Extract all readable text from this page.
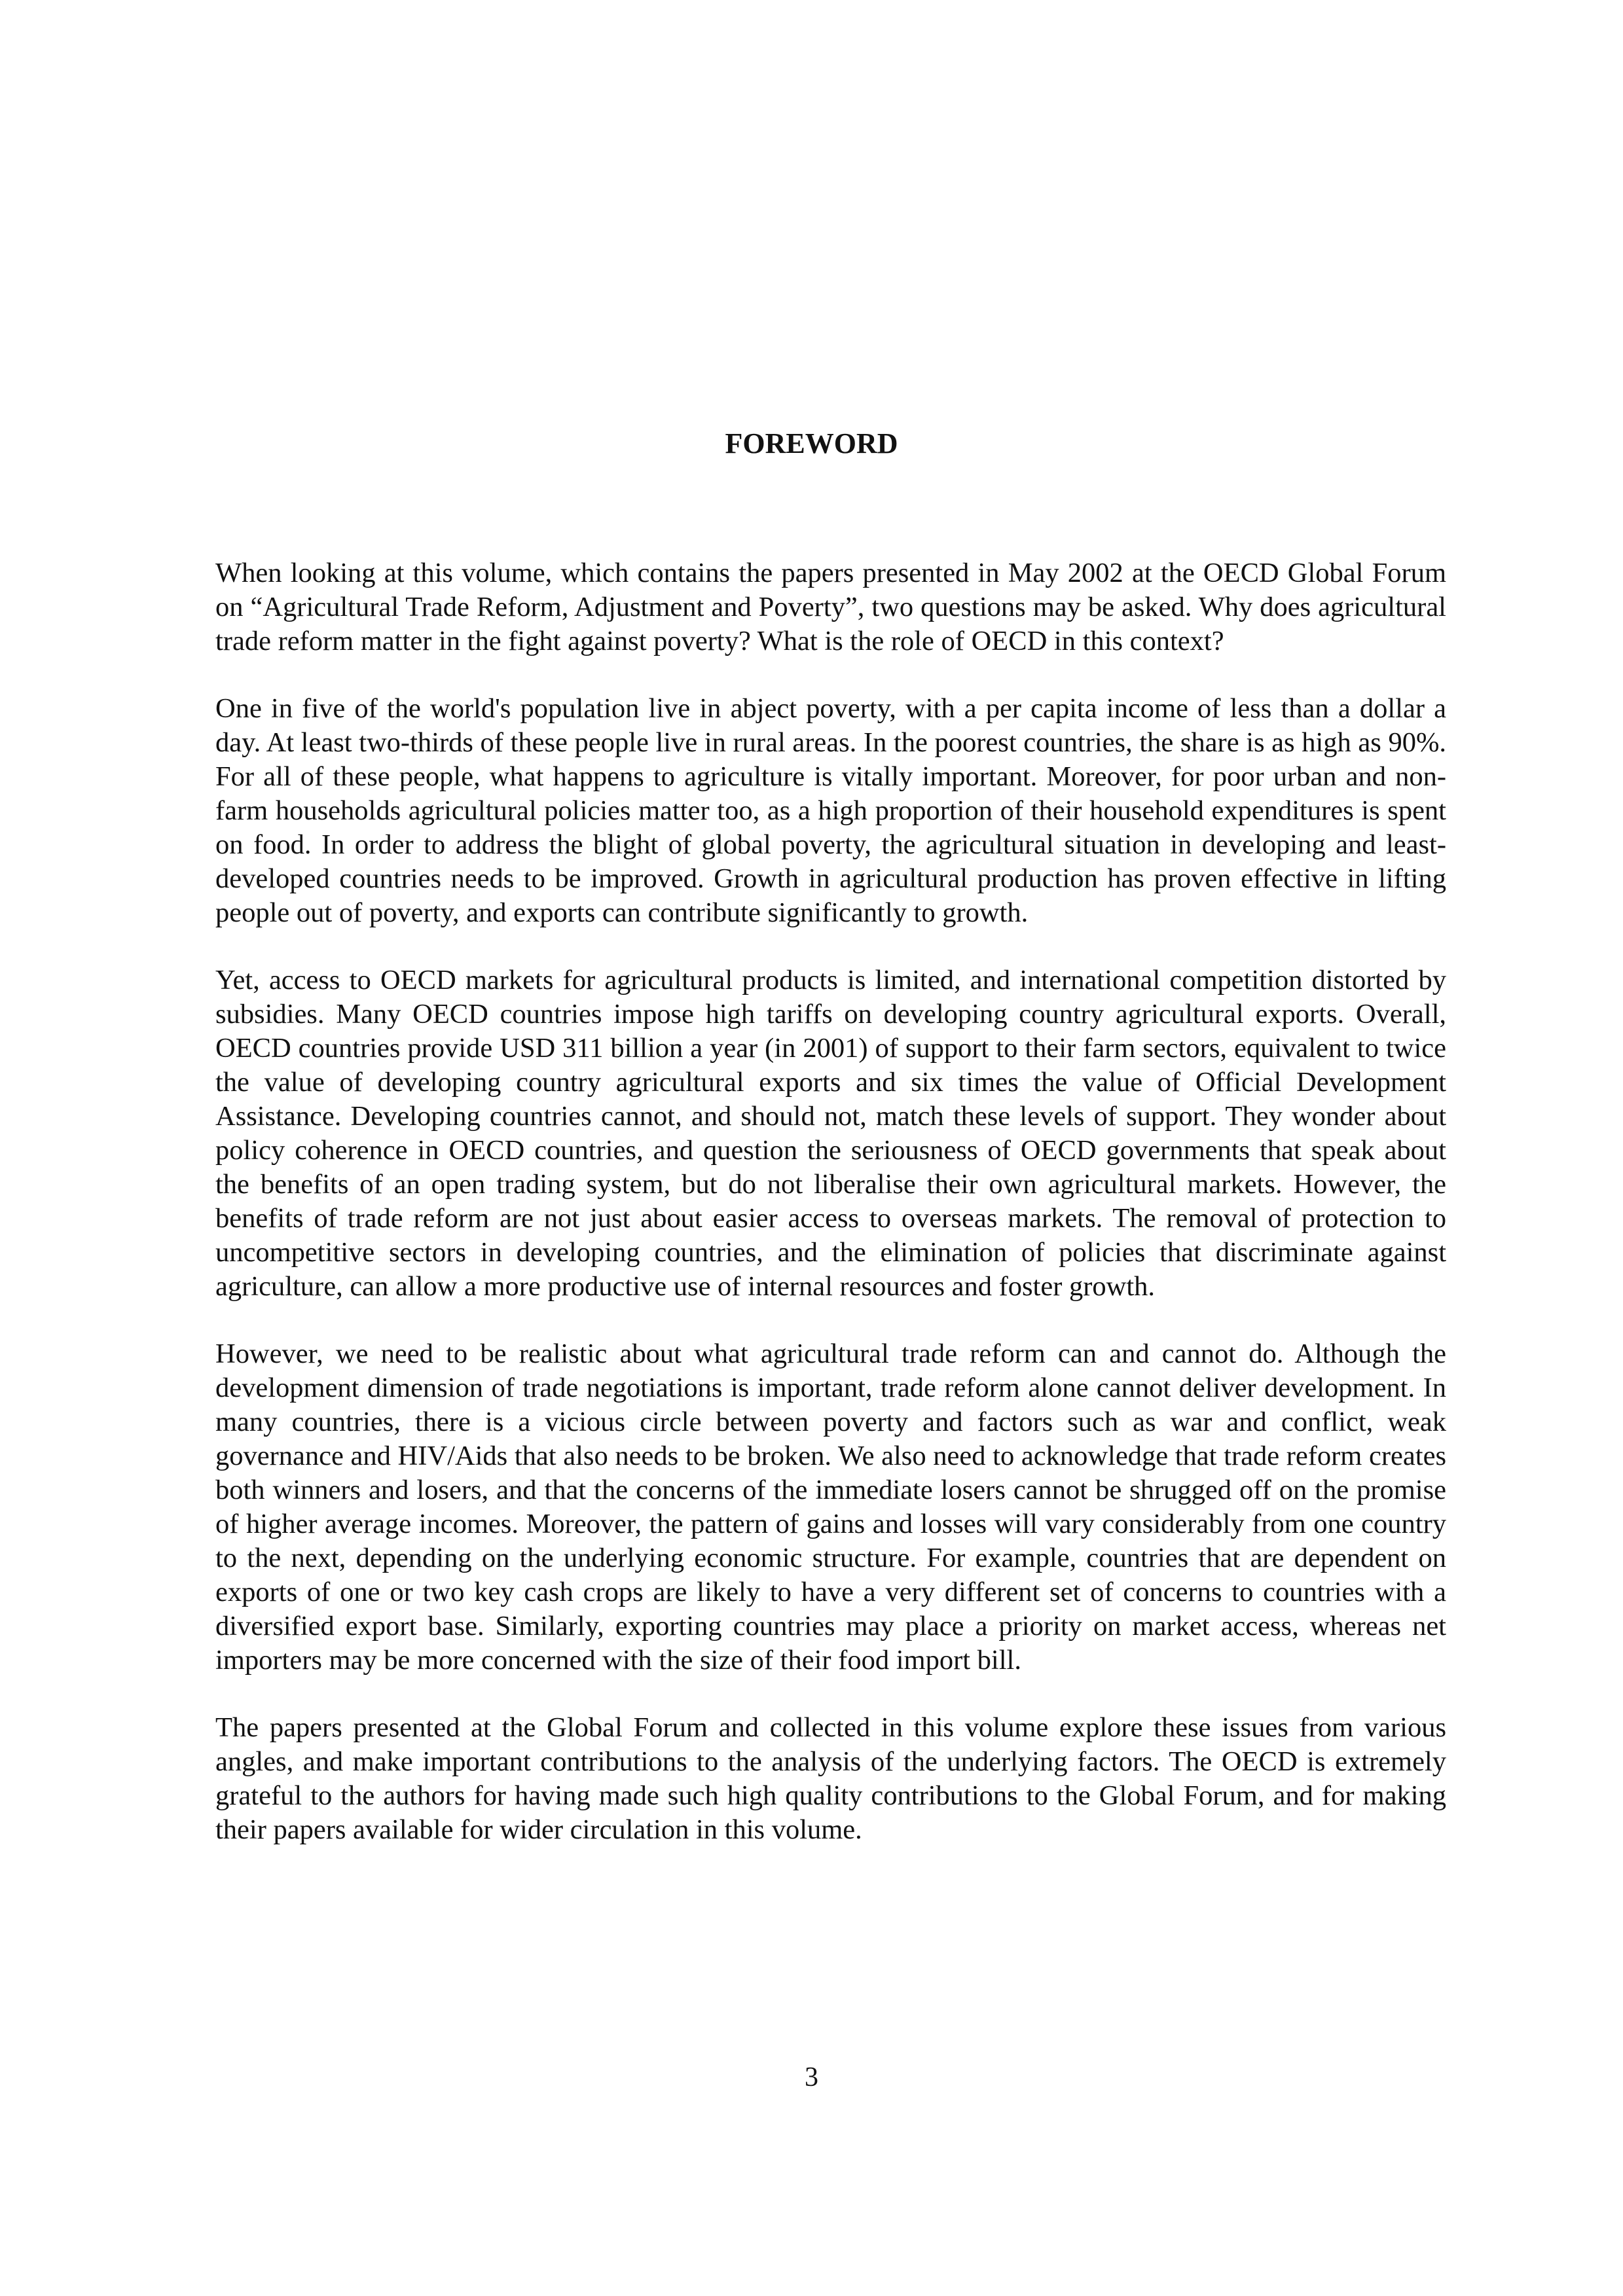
FOREWORD

When looking at this volume, which contains the papers presented in May 2002 at the OECD Global Forum on “Agricultural Trade Reform, Adjustment and Poverty”, two questions may be asked. Why does agricultural trade reform matter in the fight against poverty? What is the role of OECD in this context?

One in five of the world's population live in abject poverty, with a per capita income of less than a dollar a day. At least two-thirds of these people live in rural areas. In the poorest countries, the share is as high as 90%. For all of these people, what happens to agriculture is vitally important. Moreover, for poor urban and non-farm households agricultural policies matter too, as a high proportion of their household expenditures is spent on food. In order to address the blight of global poverty, the agricultural situation in developing and least-developed countries needs to be improved. Growth in agricultural production has proven effective in lifting people out of poverty, and exports can contribute significantly to growth.

Yet, access to OECD markets for agricultural products is limited, and international competition distorted by subsidies. Many OECD countries impose high tariffs on developing country agricultural exports. Overall, OECD countries provide USD 311 billion a year (in 2001) of support to their farm sectors, equivalent to twice the value of developing country agricultural exports and six times the value of Official Development Assistance. Developing countries cannot, and should not, match these levels of support. They wonder about policy coherence in OECD countries, and question the seriousness of OECD governments that speak about the benefits of an open trading system, but do not liberalise their own agricultural markets. However, the benefits of trade reform are not just about easier access to overseas markets. The removal of protection to uncompetitive sectors in developing countries, and the elimination of policies that discriminate against agriculture, can allow a more productive use of internal resources and foster growth.

However, we need to be realistic about what agricultural trade reform can and cannot do. Although the development dimension of trade negotiations is important, trade reform alone cannot deliver development. In many countries, there is a vicious circle between poverty and factors such as war and conflict, weak governance and HIV/Aids that also needs to be broken. We also need to acknowledge that trade reform creates both winners and losers, and that the concerns of the immediate losers cannot be shrugged off on the promise of higher average incomes. Moreover, the pattern of gains and losses will vary considerably from one country to the next, depending on the underlying economic structure. For example, countries that are dependent on exports of one or two key cash crops are likely to have a very different set of concerns to countries with a diversified export base. Similarly, exporting countries may place a priority on market access, whereas net importers may be more concerned with the size of their food import bill.

The papers presented at the Global Forum and collected in this volume explore these issues from various angles, and make important contributions to the analysis of the underlying factors. The OECD is extremely grateful to the authors for having made such high quality contributions to the Global Forum, and for making their papers available for wider circulation in this volume.

3
